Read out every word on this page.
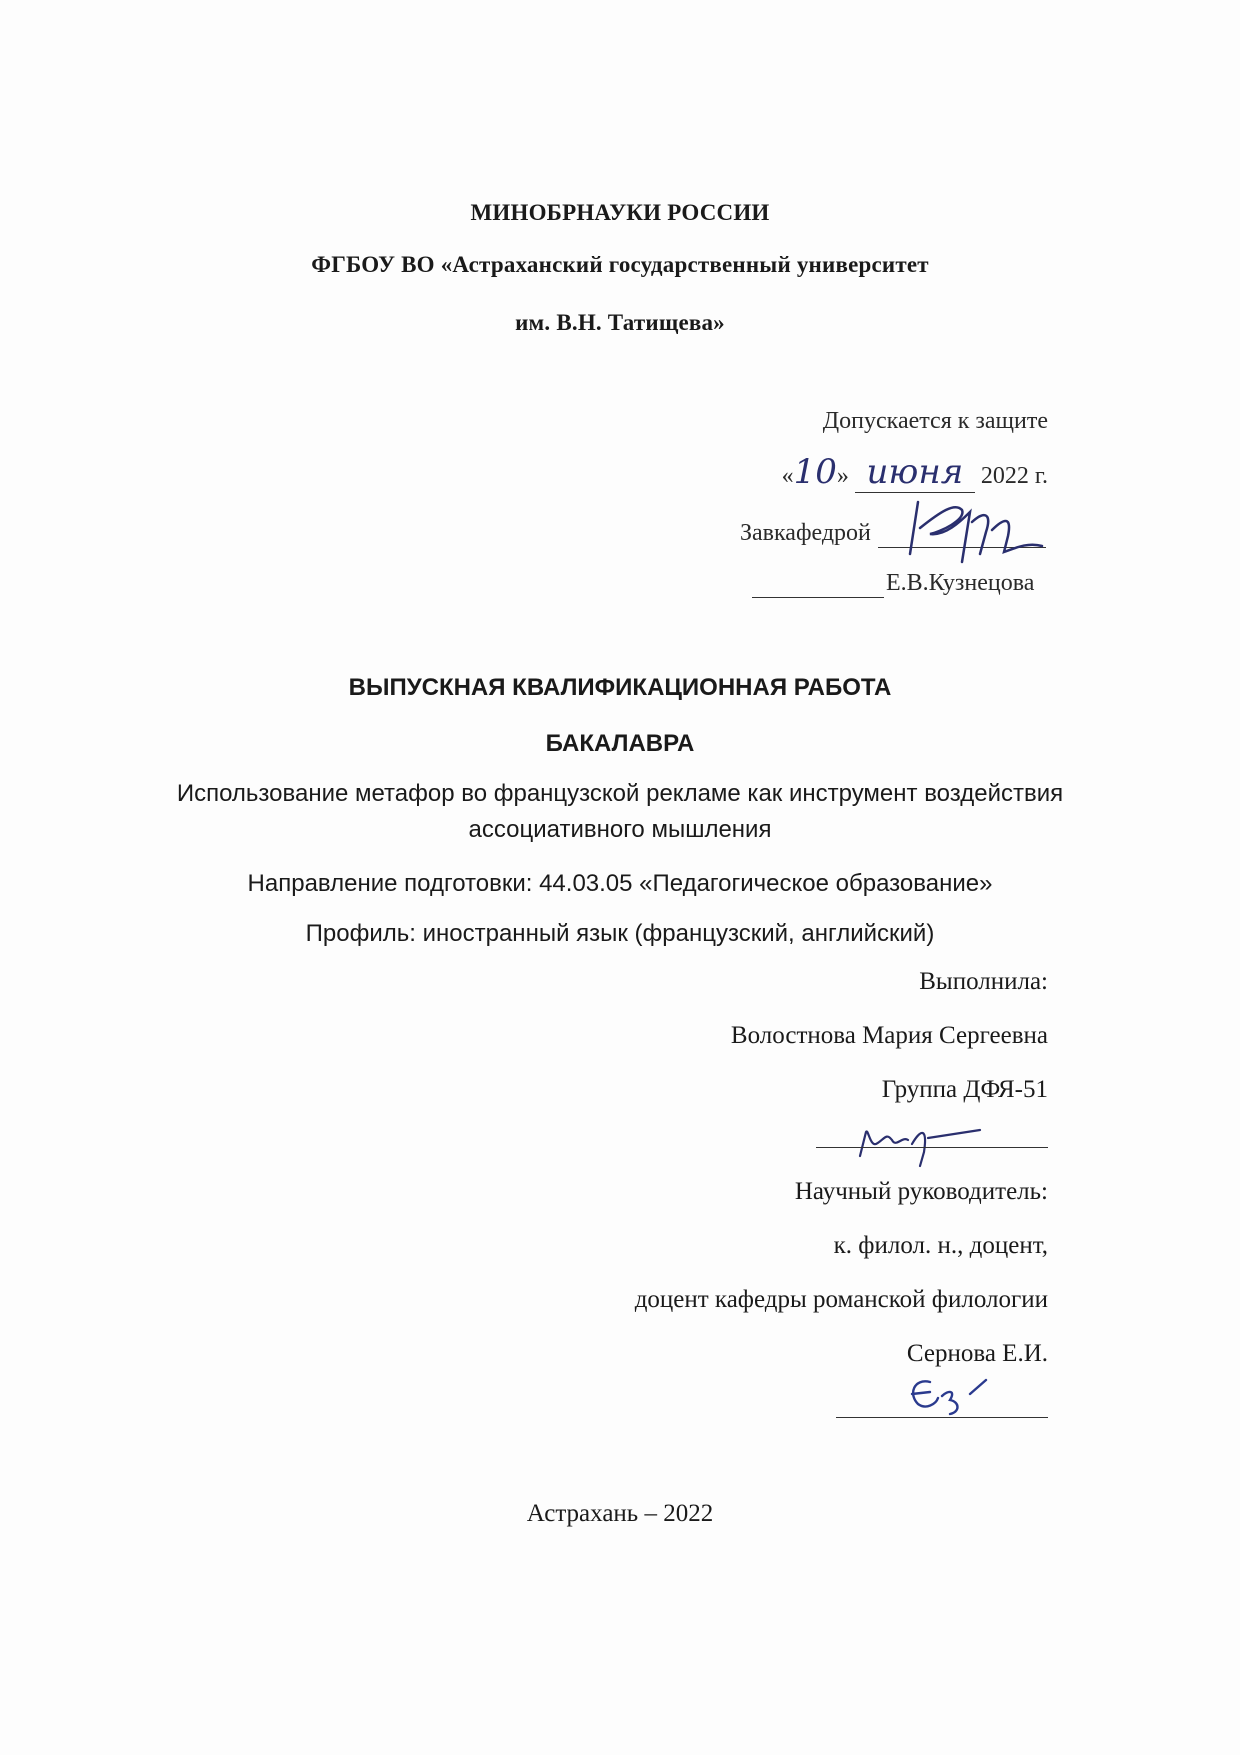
МИНОБРНАУКИ РОССИИ
ФГБОУ ВО «Астраханский государственный университет
им. В.Н. Татищева»
Допускается к защите
«10» июня 2022 г.
Завкафедрой
Е.В.Кузнецова
ВЫПУСКНАЯ КВАЛИФИКАЦИОННАЯ РАБОТА
БАКАЛАВРА
Использование метафор во французской рекламе как инструмент воздействия
ассоциативного мышления
Направление подготовки: 44.03.05 «Педагогическое образование»
Профиль: иностранный язык (французский, английский)
Выполнила:
Волостнова Мария Сергеевна
Группа ДФЯ-51
Научный руководитель:
к. филол. н., доцент,
доцент кафедры романской филологии
Сернова Е.И.
Астрахань – 2022
